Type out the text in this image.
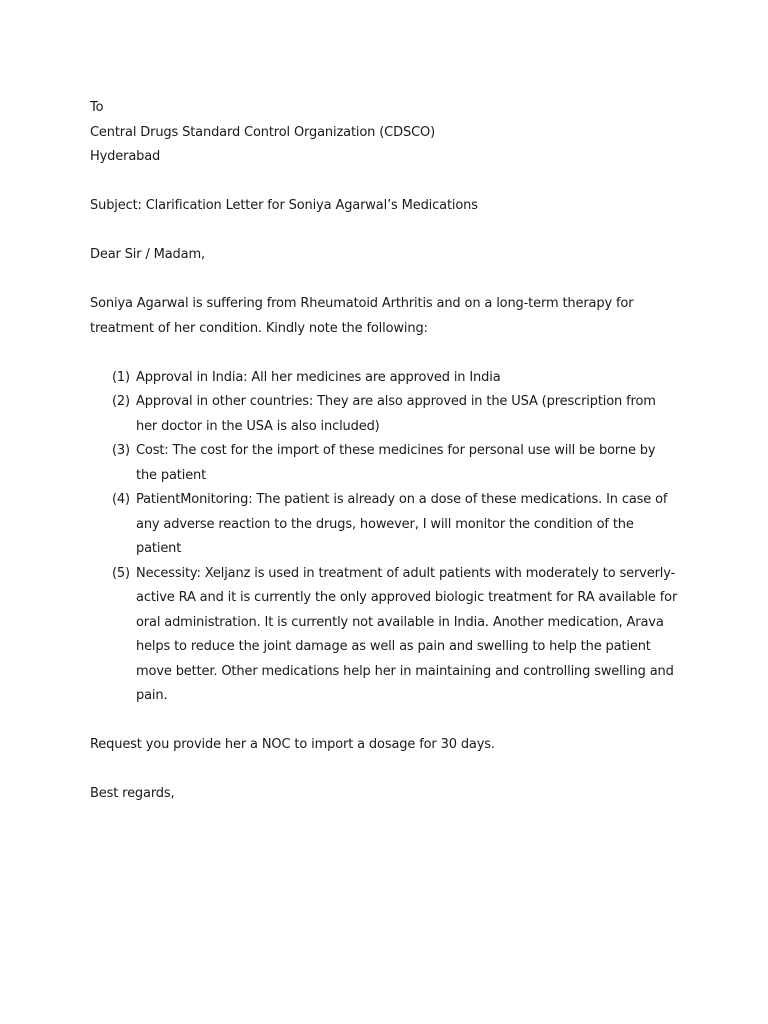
To
Central Drugs Standard Control Organization (CDSCO)
Hyderabad
Subject: Clarification Letter for Soniya Agarwal’s Medications
Dear Sir / Madam,
Soniya Agarwal is suffering from Rheumatoid Arthritis and on a long-term therapy for treatment of her condition. Kindly note the following:
(1) Approval in India: All her medicines are approved in India
(2) Approval in other countries: They are also approved in the USA (prescription from her doctor in the USA is also included)
(3) Cost: The cost for the import of these medicines for personal use will be borne by the patient
(4) PatientMonitoring: The patient is already on a dose of these medications. In case of any adverse reaction to the drugs, however, I will monitor the condition of the patient
(5) Necessity: Xeljanz is used in treatment of adult patients with moderately to serverly-active RA and it is currently the only approved biologic treatment for RA available for oral administration. It is currently not available in India. Another medication, Arava helps to reduce the joint damage as well as pain and swelling to help the patient move better. Other medications help her in maintaining and controlling swelling and pain.
Request you provide her a NOC to import a dosage for 30 days.
Best regards,
